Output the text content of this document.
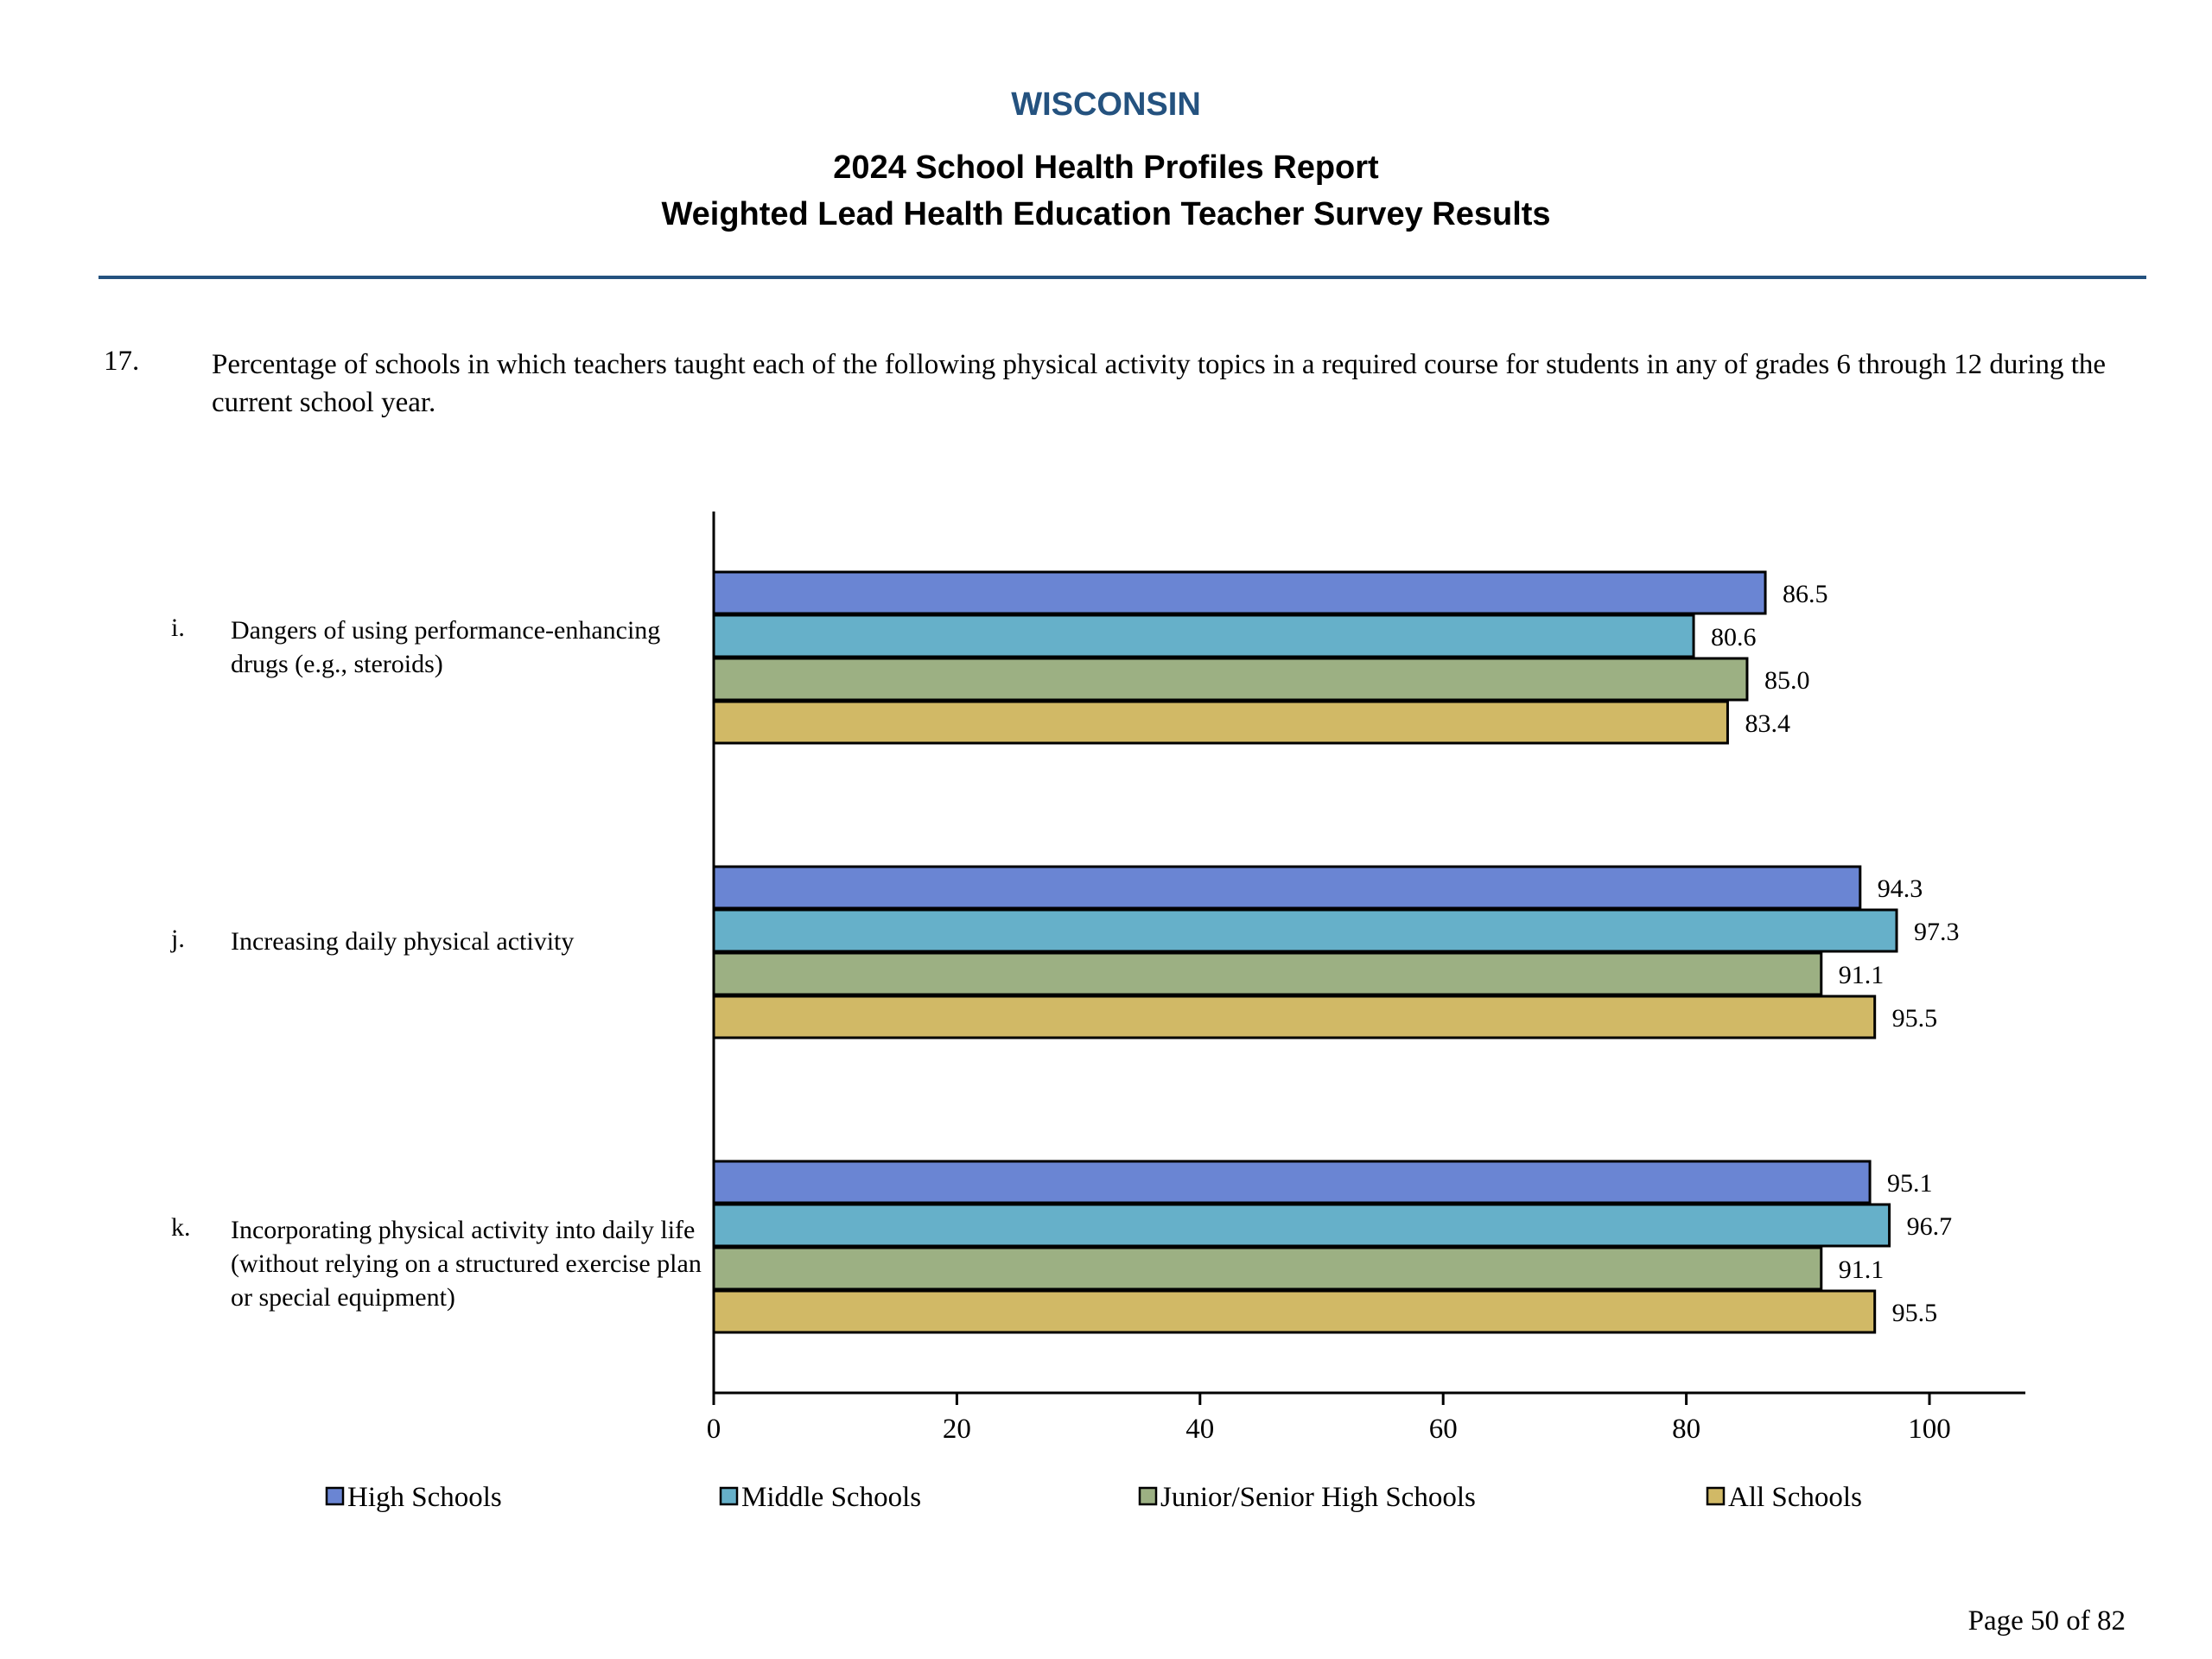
WISCONSIN
2024 School Health Profiles Report
Weighted Lead Health Education Teacher Survey Results
17.	Percentage of schools in which teachers taught each of the following physical activity topics in a required course for students in any of grades 6 through 12 during the current school year.
i. Dangers of using performance-enhancing drugs (e.g., steroids)
j. Increasing daily physical activity
k. Incorporating physical activity into daily life (without relying on a structured exercise plan or special equipment)
86.5
80.6
85.0
83.4
94.3
97.3
91.1
95.5
95.1
96.7
91.1
95.5
0	20	40	60	80	100
High Schools	Middle Schools	Junior/Senior High Schools	All Schools
Page 50 of 82
